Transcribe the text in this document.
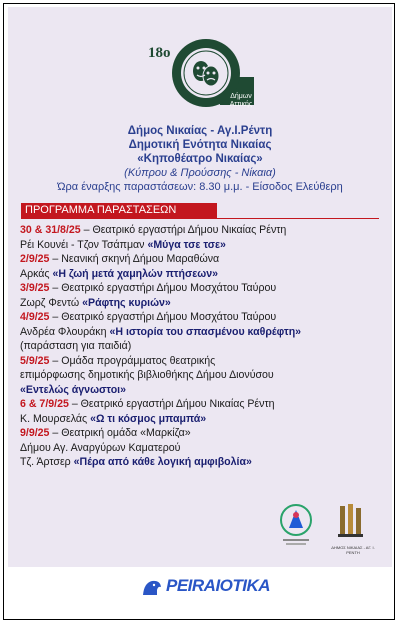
18ο
Δήμων Αττικής
Δήμος Νικαίας - Αγ.Ι.Ρέντη
Δημοτική Ενότητα Νικαίας
«Κηποθέατρο Νικαίας»
(Κύπρου & Προύσσης - Νίκαια)
Ώρα έναρξης παραστάσεων: 8.30 μ.μ. - Είσοδος Ελεύθερη
ΠΡΟΓΡΑΜΜΑ ΠΑΡΑΣΤΑΣΕΩΝ
30 & 31/8/25 – Θεατρικό εργαστήρι Δήμου Νικαίας Ρέντη
Ρέι Κουνέι - Τζον Τσάπμαν «Μύγα τσε τσε»
2/9/25 – Νεανική σκηνή Δήμου Μαραθώνα
Αρκάς «Η ζωή μετά χαμηλών πτήσεων»
3/9/25 – Θεατρικό εργαστήρι Δήμου Μοσχάτου Ταύρου
Ζωρζ Φεντώ «Ράφτης κυριών»
4/9/25 – Θεατρικό εργαστήρι Δήμου Μοσχάτου Ταύρου
Ανδρέα Φλουράκη «Η ιστορία του σπασμένου καθρέφτη»
(παράσταση για παιδιά)
5/9/25 – Ομάδα προγράμματος θεατρικής
επιμόρφωσης δημοτικής βιβλιοθήκης Δήμου Διονύσου
«Εντελώς άγνωστοι»
6 & 7/9/25 – Θεατρικό εργαστήρι Δήμου Νικαίας Ρέντη
Κ. Μουρσελάς «Ω τι κόσμος μπαμπά»
9/9/25 – Θεατρική ομάδα «Μαρκίζα»
Δήμου Αγ. Αναργύρων Καματερού
Τζ. Άρτσερ «Πέρα από κάθε λογική αμφιβολία»
ΔΗΜΟΣ ΝΙΚΑΙΑΣ - ΑΓ. Ι. ΡΕΝΤΗ
PEIRAIOTIKA
